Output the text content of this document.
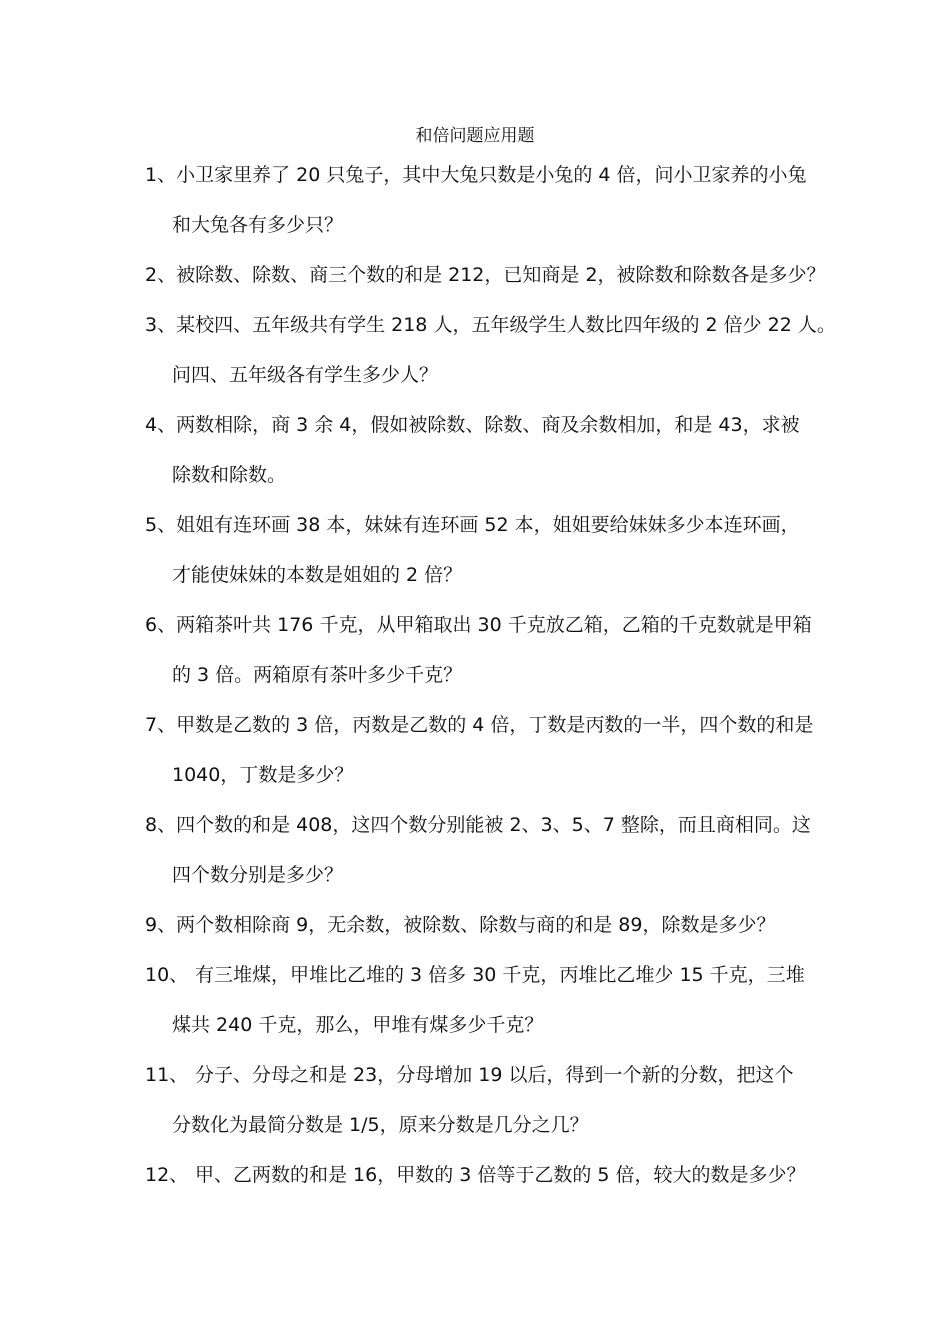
和倍问题应用题
1、小卫家里养了 20 只兔子，其中大兔只数是小兔的 4 倍，问小卫家养的小兔
和大兔各有多少只？
2、被除数、除数、商三个数的和是 212，已知商是 2，被除数和除数各是多少？
3、某校四、五年级共有学生 218 人，五年级学生人数比四年级的 2 倍少 22 人。
问四、五年级各有学生多少人？
4、两数相除，商 3 余 4，假如被除数、除数、商及余数相加，和是 43，求被
除数和除数。
5、姐姐有连环画 38 本，妹妹有连环画 52 本，姐姐要给妹妹多少本连环画，
才能使妹妹的本数是姐姐的 2 倍？
6、两箱茶叶共 176 千克，从甲箱取出 30 千克放乙箱，乙箱的千克数就是甲箱
的 3 倍。两箱原有茶叶多少千克？
7、甲数是乙数的 3 倍，丙数是乙数的 4 倍，丁数是丙数的一半，四个数的和是
1040，丁数是多少？
8、四个数的和是 408，这四个数分别能被 2、3、5、7 整除，而且商相同。这
四个数分别是多少？
9、两个数相除商 9，无余数，被除数、除数与商的和是 89，除数是多少？
10、 有三堆煤，甲堆比乙堆的 3 倍多 30 千克，丙堆比乙堆少 15 千克，三堆
煤共 240 千克，那么，甲堆有煤多少千克？
11、 分子、分母之和是 23，分母增加 19 以后，得到一个新的分数，把这个
分数化为最简分数是 1/5，原来分数是几分之几？
12、 甲、乙两数的和是 16，甲数的 3 倍等于乙数的 5 倍，较大的数是多少？
